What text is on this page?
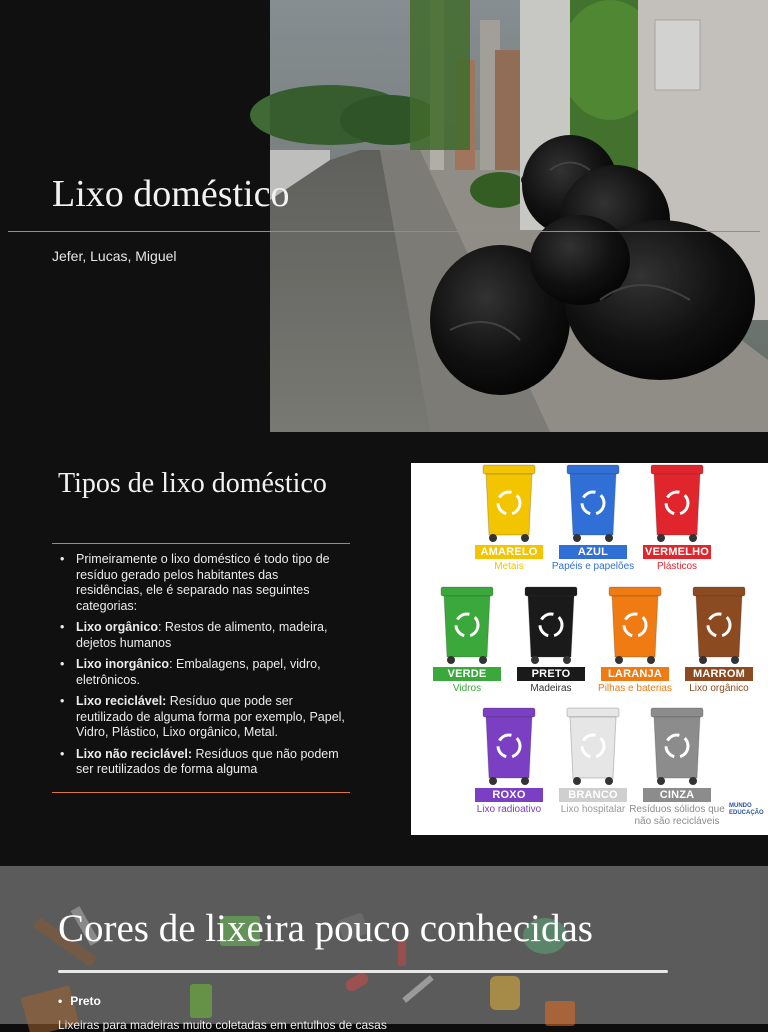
Lixo doméstico
Jefer, Lucas, Miguel
Tipos de lixo doméstico
• Primeiramente o lixo doméstico é todo tipo de resíduo gerado pelos habitantes das residências, ele é separado nas seguintes categorias:
• Lixo orgânico: Restos de alimento, madeira, dejetos humanos
• Lixo inorgânico: Embalagens, papel, vidro, eletrônicos.
• Lixo reciclável: Resíduo que pode ser reutilizado de alguma forma por exemplo, Papel, Vidro, Plástico, Lixo orgânico, Metal.
• Lixo não reciclável: Resíduos que não podem ser reutilizados de forma alguma
AMARELO
Metais
AZUL
Papéis e papelões
VERMELHO
Plásticos
VERDE
Vidros
PRETO
Madeiras
LARANJA
Pilhas e baterias
MARROM
Lixo orgânico
ROXO
Lixo radioativo
BRANCO
Lixo hospitalar
CINZA
Resíduos sólidos que não são recicláveis
MUNDO EDUCAÇÃO
Cores de lixeira pouco conhecidas
• Preto
Lixeiras para madeiras muito coletadas em entulhos de casas
